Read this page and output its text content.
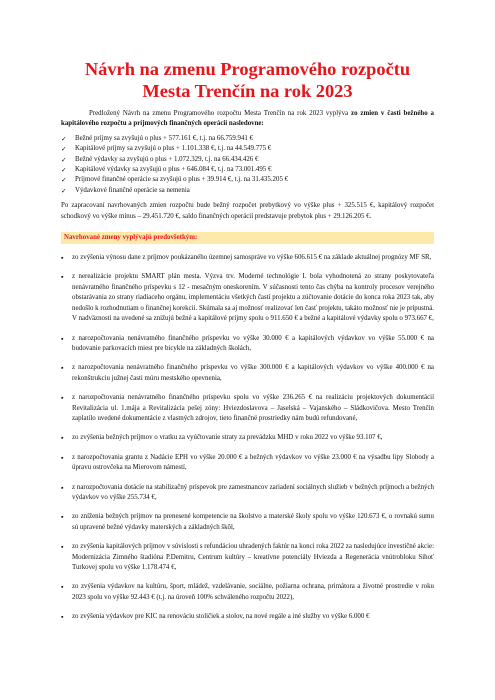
Návrh na zmenu Programového rozpočtu
Mesta Trenčín na rok 2023

Predložený Návrh na zmenu Programového rozpočtu Mesta Trenčín na rok 2023 vyplýva zo zmien v časti bežného a kapitálového rozpočtu a príjmových finančných operácií nasledovne:

✓	Bežné príjmy sa zvyšujú o plus + 577.161 €, t.j. na 66.759.941 €
✓	Kapitálové príjmy sa zvyšujú o plus + 1.101.338 €, t.j. na 44.549.775 €
✓	Bežné výdavky sa zvyšujú o plus + 1.072.329, t.j. na 66.434.426 €
✓	Kapitálové výdavky sa zvyšujú o plus + 646.084 €, t.j. na 73.001.495 €
✓	Príjmové finančné operácie sa zvyšujú o plus + 39.914 €, t.j. na 31.435.205 €
✓	Výdavkové finančné operácie sa nemenia

Po zapracovaní navrhovaných zmien rozpočtu bude bežný rozpočet prebytkový vo výške plus + 325.515 €, kapitálový rozpočet schodkový vo výške mínus – 29.451.720 €, saldo finančných operácií predstavuje prebytok plus + 29.126.205 €.

Navrhované zmeny vyplývajú predovšetkým:
▪	zo zvýšenia výnosu dane z príjmov poukázaného územnej samospráve vo výške 606.615 € na základe aktuálnej prognózy MF SR,
▪	z nerealizácie projektu SMART plán mesta. Výzva trv. Moderné technológie I. bola vyhodnotená zo strany poskytovateľa nenávratného finančného príspevku s 12 - mesačným oneskorením. V súčasnosti tento čas chýba na kontroly procesov verejného obstarávania zo strany riadiaceho orgánu, implementáciu všetkých častí projektu a zúčtovanie dotácie do konca roka 2023 tak, aby nedošlo k rozhodnutiam o finančnej korekcii. Skúmala sa aj možnosť realizovať len časť projektu, takáto možnosť nie je prípustná. V nadväznosti na uvedené sa znižujú bežné a kapitálové príjmy spolu o 911.650 € a bežné a kapitálové výdavky spolu o 973.667 €,
▪	z narozpočtovania nenávratného finančného príspevku vo výške 30.000 € a kapitálových výdavkov vo výške 55.000 € na budovanie parkovacích miest pre bicykle na základných školách,
▪	z narozpočtovania nenávratného finančného príspevku vo výške 300.000 € a kapitálových výdavkov vo výške 400.000 € na rekonštrukciu južnej časti múru mestského opevnenia,
▪	z narozpočtovania nenávratného finančného príspevku spolu vo výške 236.265 € na realizáciu projektových dokumentácií Revitalizácia ul. 1.mája a Revitalizácia pešej zóny: Hviezdoslavova – Jaselská – Vajanského – Sládkovičova. Mesto Trenčín zaplatilo uvedené dokumentácie z vlastných zdrojov, tieto finančné prostriedky nám budú refundované,
▪	zo zvýšenia bežných príjmov o vratku za vyúčtovanie straty za prevádzku MHD v roku 2022 vo výške 93.107 €,
▪	z narozpočtovania grantu z Nadácie EPH vo výške 20.000 € a bežných výdavkov vo výške 23.000 € na výsadbu lipy Slobody a úpravu ostrovčeka na Mierovom námestí,
▪	z narozpočtovania dotácie na stabilizačný príspevok pre zamestnancov zariadení sociálnych služieb v bežných príjmoch a bežných výdavkov vo výške 255.734 €,
▪	zo zníženia bežných príjmov na prenesené kompetencie na školstvo a materské školy spolu vo výške 120.673 €, o rovnakú sumu sú upravené bežné výdavky materských a základných škôl,
▪	zo zvýšenia kapitálových príjmov v súvislosti s refundáciou uhradených faktúr na konci roka 2022 za nasledujúce investičné akcie: Modernizácia Zimného štadióna P.Demitru, Centrum kultúry – kreatívne potenciály Hviezda a Regenerácia vnútrobloku Sihoť Turkovej spolu vo výške 1.178.474 €,
▪	zo zvýšenia výdavkov na kultúru, šport, mládež, vzdelávanie, sociálne, požiarna ochrana, primátora a životné prostredie v roku 2023 spolu vo výške 92.443 € (t.j. na úroveň 100% schváleného rozpočtu 2022),
▪	zo zvýšenia výdavkov pre KIC na renováciu stoličiek a stolov, na nové regále a iné služby vo výške 6.000 €
